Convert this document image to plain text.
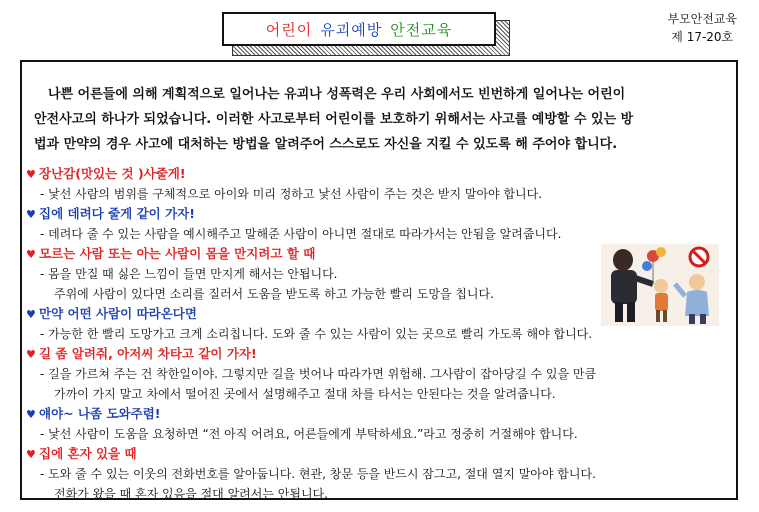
어린이 유괴예방 안전교육
부모안전교육
제 17-20호

나쁜 어른들에 의해 계획적으로 일어나는 유괴나 성폭력은 우리 사회에서도 빈번하게 일어나는 어린이

안전사고의 하나가 되었습니다. 이러한 사고로부터 어린이를 보호하기 위해서는 사고를 예방할 수 있는 방
법과 만약의 경우 사고에 대처하는 방법을 알려주어 스스로도 자신을 지킬 수 있도록 해 주어야 합니다.
♥ 장난감(맛있는 것 )사줄게!
- 낯선 사람의 범위를 구체적으로 아이와 미리 정하고 낯선 사람이 주는 것은 받지 말아야 합니다.
♥ 집에 데려다 줄게 같이 가자!
- 데려다 줄 수 있는 사람을 예시해주고 말해준 사람이 아니면 절대로 따라가서는 안됨을 알려줍니다.
♥ 모르는 사람 또는 아는 사람이 몸을 만지려고 할 때
- 몸을 만질 때 싫은 느낌이 들면 만지게 해서는 안됩니다.
주위에 사람이 있다면 소리를 질러서 도움을 받도록 하고 가능한 빨리 도망을 칩니다.
♥ 만약 어떤 사람이 따라온다면
- 가능한 한 빨리 도망가고 크게 소리칩니다. 도와 줄 수 있는 사람이 있는 곳으로 빨리 가도록 해야 합니다.
♥ 길 좀 알려줘, 아저씨 차타고 같이 가자!
- 길을 가르쳐 주는 건 착한일이야. 그렇지만 길을 벗어나 따라가면 위험해. 그사람이 잡아당길 수 있을 만큼
가까이 가지 말고 차에서 떨어진 곳에서 설명해주고 절대 차를 타서는 안된다는 것을 알려줍니다.
♥ 얘야~ 나좀 도와주렴!
- 낯선 사람이 도움을 요청하면 “전 아직 어려요, 어른들에게 부탁하세요.”라고 정중히 거절해야 합니다.
♥ 집에 혼자 있을 때
- 도와 줄 수 있는 이웃의 전화번호를 알아둡니다. 현관, 창문 등을 반드시 잠그고, 절대 열지 말아야 합니다.
전화가 왔을 때 혼자 있음을 절대 알려서는 안됩니다.
